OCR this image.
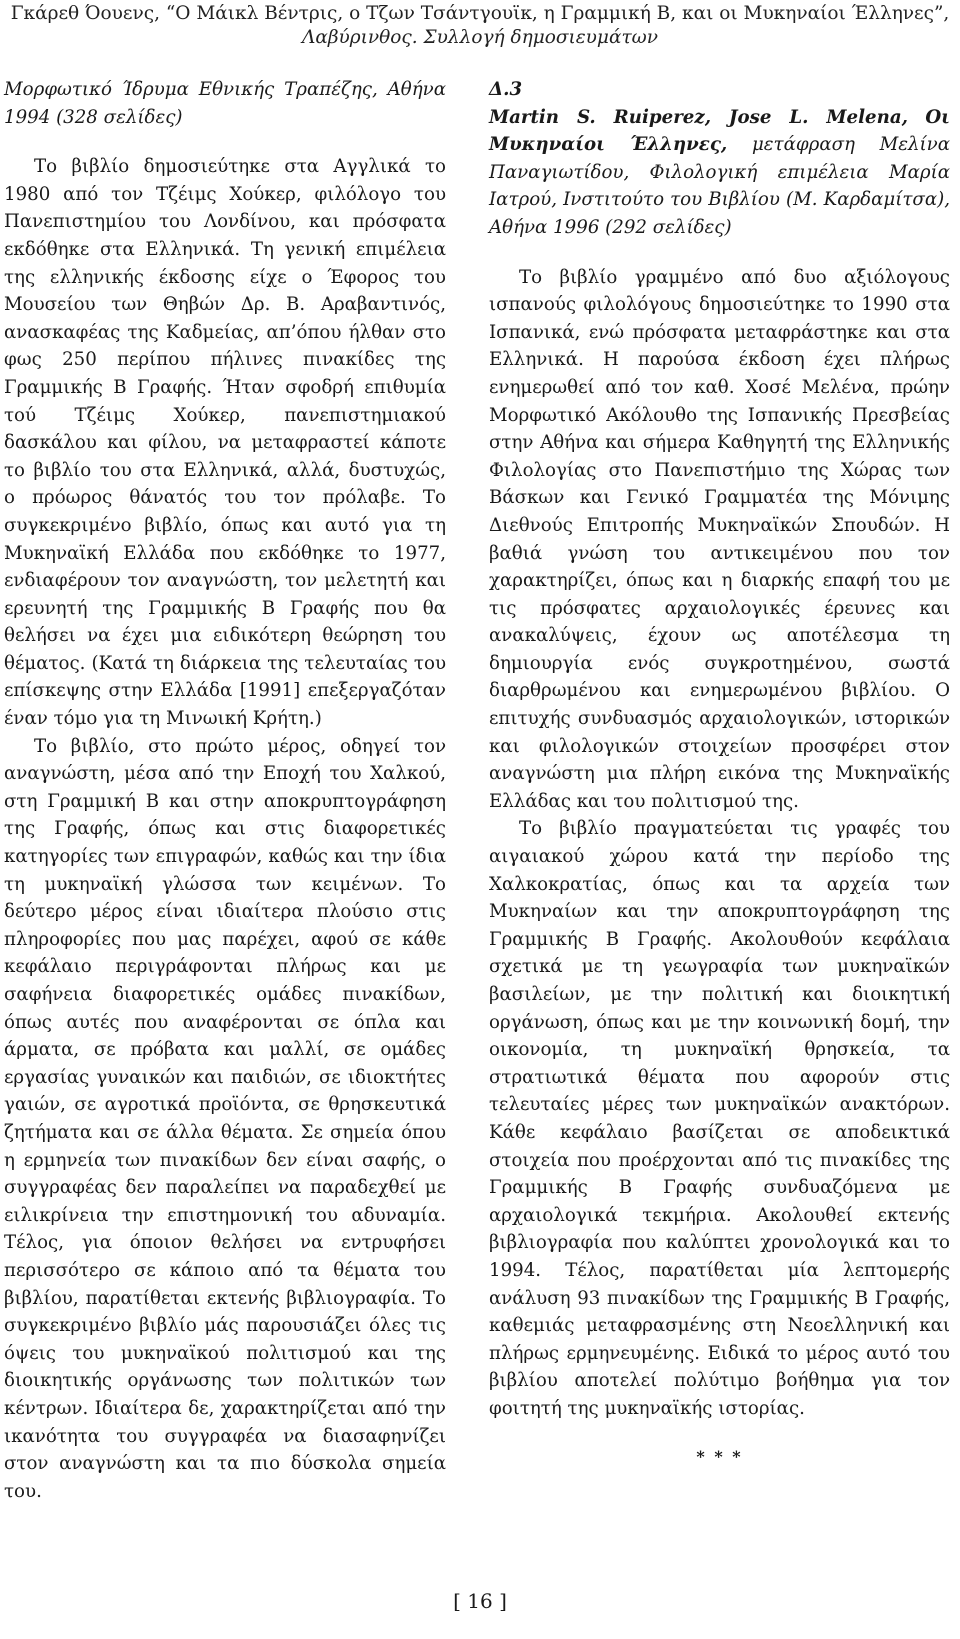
Γκάρεθ Όουενς, “Ο Μάικλ Βέντρις, ο Τζων Τσάντγουϊκ, η Γραμμική Β, και οι Μυκηναίοι Έλληνες”,
Λαβύρινθος. Συλλογή δημοσιευμάτων

Μορφωτικό Ίδρυμα Εθνικής Τραπέζης, Αθήνα 1994 (328 σελίδες)

Το βιβλίο δημοσιεύτηκε στα Αγγλικά το 1980 από τον Τζέιμς Χούκερ, φιλόλογο του Πανεπιστημίου του Λονδίνου, και πρόσφατα εκδόθηκε στα Ελληνικά. Τη γενική επιμέλεια της ελληνικής έκδοσης είχε ο Έφορος του Μουσείου των Θηβών Δρ. Β. Αραβαντινός, ανασκαφέας της Καδμείας, απ’όπου ήλθαν στο φως 250 περίπου πήλινες πινακίδες της Γραμμικής Β Γραφής. Ήταν σφοδρή επιθυμία τού Τζέιμς Χούκερ, πανεπιστημιακού δασκάλου και φίλου, να μεταφραστεί κάποτε το βιβλίο του στα Ελληνικά, αλλά, δυστυχώς, ο πρόωρος θάνατός του τον πρόλαβε. Το συγκεκριμένο βιβλίο, όπως και αυτό για τη Μυκηναϊκή Ελλάδα που εκδόθηκε το 1977, ενδιαφέρουν τον αναγνώστη, τον μελετητή και ερευνητή της Γραμμικής Β Γραφής που θα θελήσει να έχει μια ειδικότερη θεώρηση του θέματος. (Κατά τη διάρκεια της τελευταίας του επίσκεψης στην Ελλάδα [1991] επεξεργαζόταν έναν τόμο για τη Μινωική Κρήτη.)

Το βιβλίο, στο πρώτο μέρος, οδηγεί τον αναγνώστη, μέσα από την Εποχή του Χαλκού, στη Γραμμική Β και στην αποκρυπτογράφηση της Γραφής, όπως και στις διαφορετικές κατηγορίες των επιγραφών, καθώς και την ίδια τη μυκηναϊκή γλώσσα των κειμένων. Το δεύτερο μέρος είναι ιδιαίτερα πλούσιο στις πληροφορίες που μας παρέχει, αφού σε κάθε κεφάλαιο περιγράφονται πλήρως και με σαφήνεια διαφορετικές ομάδες πινακίδων, όπως αυτές που αναφέρονται σε όπλα και άρματα, σε πρόβατα και μαλλί, σε ομάδες εργασίας γυναικών και παιδιών, σε ιδιοκτήτες γαιών, σε αγροτικά προϊόντα, σε θρησκευτικά ζητήματα και σε άλλα θέματα. Σε σημεία όπου η ερμηνεία των πινακίδων δεν είναι σαφής, ο συγγραφέας δεν παραλείπει να παραδεχθεί με ειλικρίνεια την επιστημονική του αδυναμία. Τέλος, για όποιον θελήσει να εντρυφήσει περισσότερο σε κάποιο από τα θέματα του βιβλίου, παρατίθεται εκτενής βιβλιογραφία. Το συγκεκριμένο βιβλίο μάς παρουσιάζει όλες τις όψεις του μυκηναϊκού πολιτισμού και της διοικητικής οργάνωσης των πολιτικών των κέντρων. Ιδιαίτερα δε, χαρακτηρίζεται από την ικανότητα του συγγραφέα να διασαφηνίζει στον αναγνώστη και τα πιο δύσκολα σημεία του.

Δ.3

Martin S. Ruiperez, Jose L. Melena, Οι Μυκηναίοι Έλληνες, μετάφραση Μελίνα Παναγιωτίδου, Φιλολογική επιμέλεια Μαρία Ιατρού, Ινστιτούτο του Βιβλίου (Μ. Καρδαμίτσα), Αθήνα 1996 (292 σελίδες)

Το βιβλίο γραμμένο από δυο αξιόλογους ισπανούς φιλολόγους δημοσιεύτηκε το 1990 στα Ισπανικά, ενώ πρόσφατα μεταφράστηκε και στα Ελληνικά. Η παρούσα έκδοση έχει πλήρως ενημερωθεί από τον καθ. Χοσέ Μελένα, πρώην Μορφωτικό Ακόλουθο της Ισπανικής Πρεσβείας στην Αθήνα και σήμερα Καθηγητή της Ελληνικής Φιλολογίας στο Πανεπιστήμιο της Χώρας των Βάσκων και Γενικό Γραμματέα της Μόνιμης Διεθνούς Επιτροπής Μυκηναϊκών Σπουδών. Η βαθιά γνώση του αντικειμένου που τον χαρακτηρίζει, όπως και η διαρκής επαφή του με τις πρόσφατες αρχαιολογικές έρευνες και ανακαλύψεις, έχουν ως αποτέλεσμα τη δημιουργία ενός συγκροτημένου, σωστά διαρθρωμένου και ενημερωμένου βιβλίου. Ο επιτυχής συνδυασμός αρχαιολογικών, ιστορικών και φιλολογικών στοιχείων προσφέρει στον αναγνώστη μια πλήρη εικόνα της Μυκηναϊκής Ελλάδας και του πολιτισμού της.

Το βιβλίο πραγματεύεται τις γραφές του αιγαιακού χώρου κατά την περίοδο της Χαλκοκρατίας, όπως και τα αρχεία των Μυκηναίων και την αποκρυπτογράφηση της Γραμμικής Β Γραφής. Ακολουθούν κεφάλαια σχετικά με τη γεωγραφία των μυκηναϊκών βασιλείων, με την πολιτική και διοικητική οργάνωση, όπως και με την κοινωνική δομή, την οικονομία, τη μυκηναϊκή θρησκεία, τα στρατιωτικά θέματα που αφορούν στις τελευταίες μέρες των μυκηναϊκών ανακτόρων. Κάθε κεφάλαιο βασίζεται σε αποδεικτικά στοιχεία που προέρχονται από τις πινακίδες της Γραμμικής Β Γραφής συνδυαζόμενα με αρχαιολογικά τεκμήρια. Ακολουθεί εκτενής βιβλιογραφία που καλύπτει χρονολογικά και το 1994. Τέλος, παρατίθεται μία λεπτομερής ανάλυση 93 πινακίδων της Γραμμικής Β Γραφής, καθεμιάς μεταφρασμένης στη Νεοελληνική και πλήρως ερμηνευμένης. Ειδικά το μέρος αυτό του βιβλίου αποτελεί πολύτιμο βοήθημα για τον φοιτητή της μυκηναϊκής ιστορίας.

* * *
[ 16 ]
